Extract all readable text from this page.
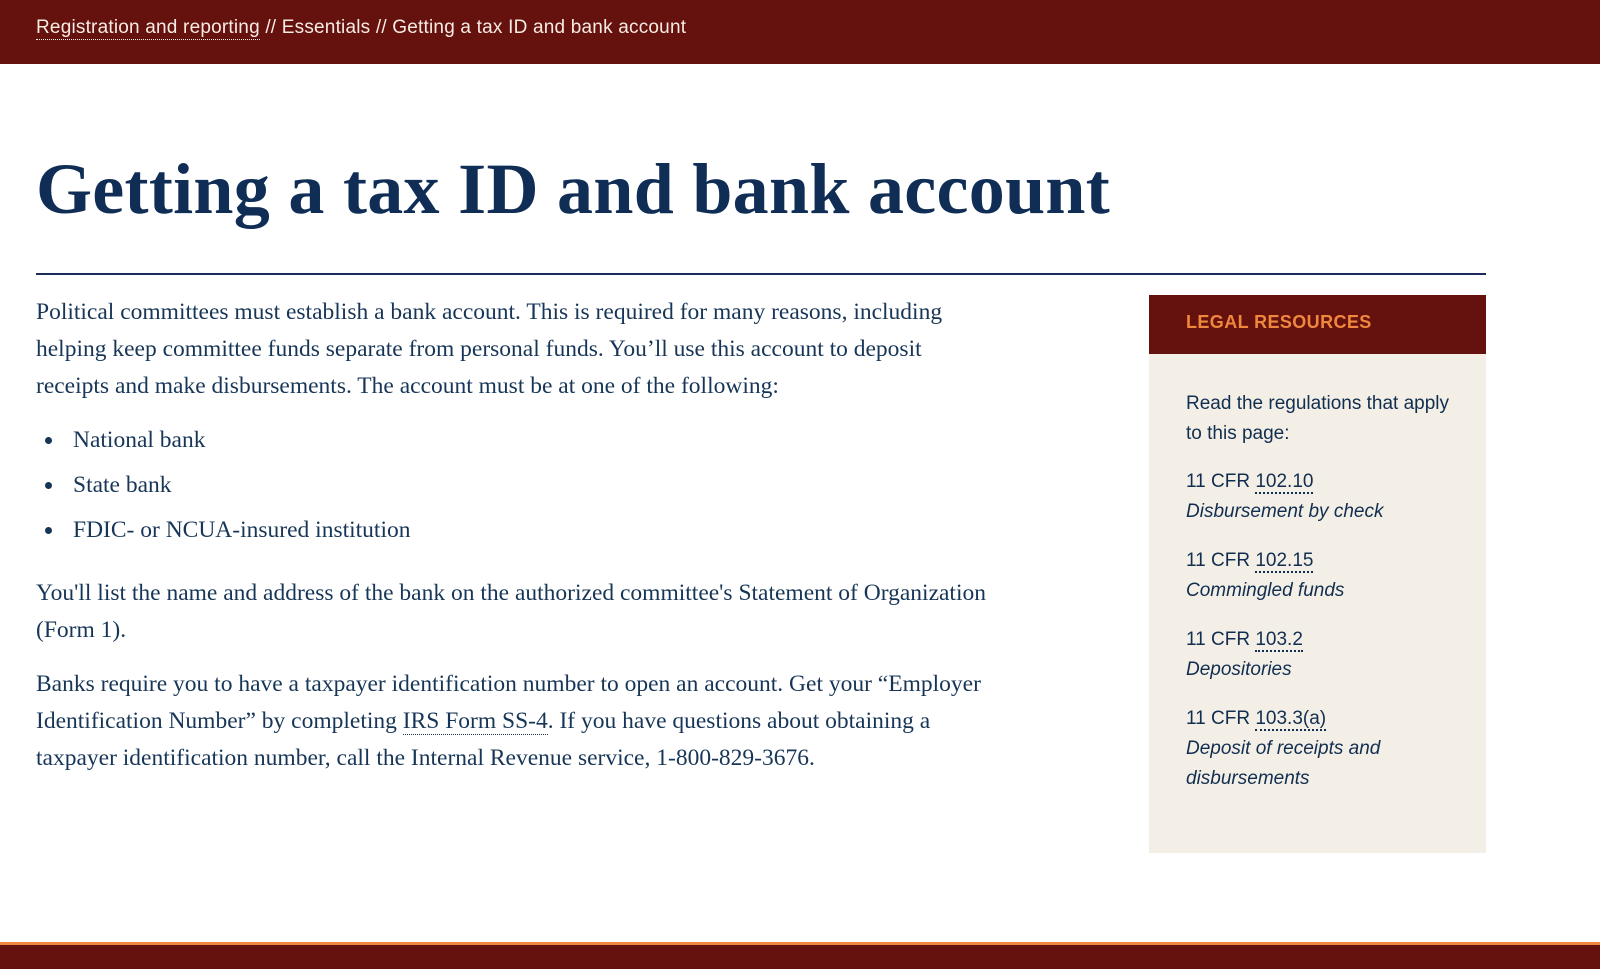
Registration and reporting // Essentials // Getting a tax ID and bank account
Getting a tax ID and bank account

Political committees must establish a bank account. This is required for many reasons, including helping keep committee funds separate from personal funds. You’ll use this account to deposit receipts and make disbursements. The account must be at one of the following:

National bank
State bank
FDIC- or NCUA-insured institution

You'll list the name and address of the bank on the authorized committee's Statement of Organization (Form 1).

Banks require you to have a taxpayer identification number to open an account. Get your “Employer Identification Number” by completing IRS Form SS-4. If you have questions about obtaining a taxpayer identification number, call the Internal Revenue service, 1-800-829-3676.

LEGAL RESOURCES

Read the regulations that apply to this page:

11 CFR 102.10
Disbursement by check
11 CFR 102.15
Commingled funds
11 CFR 103.2
Depositories
11 CFR 103.3(a)
Deposit of receipts and disbursements
